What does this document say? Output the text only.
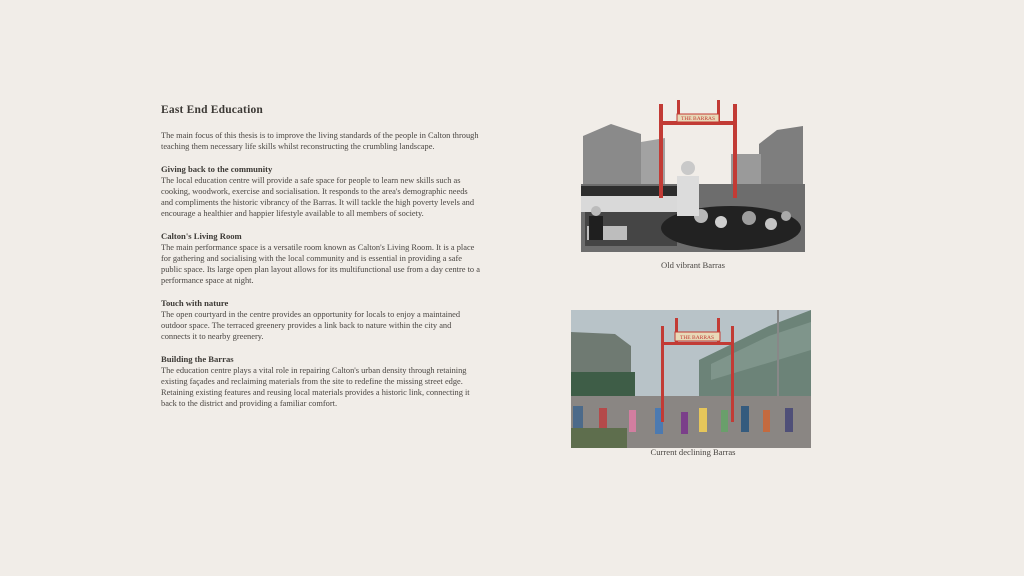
East End Education

The main focus of this thesis is to improve the living standards of the people in Calton through teaching them necessary life skills whilst reconstructing the crumbling landscape.

Giving back to the community

The local education centre will provide a safe space for people to learn new skills such as cooking, woodwork, exercise and socialisation. It responds to the area's demographic needs and compliments the historic vibrancy of the Barras. It will tackle the high poverty levels and encourage a healthier and happier lifestyle available to all members of society.

Calton's Living Room

The main performance space is a versatile room known as Calton's Living Room. It is a place for gathering and socialising with the local community and is essential in providing a safe public space. Its large open plan layout allows for its multifunctional use from a day centre to a performance space at night.

Touch with nature

The open courtyard in the centre provides an opportunity for locals to enjoy a maintained outdoor space. The terraced greenery provides a link back to nature within the city and connects it to nearby greenery.

Building the Barras

The education centre plays a vital role in repairing Calton's urban density through retaining existing façades and reclaiming materials from the site to redefine the missing street edge. Retaining existing features and reusing local materials provides a historic link, connecting it back to the district and providing a familiar comfort.

THE BARRAS
Old vibrant Barras
THE BARRAS
Current declining Barras
